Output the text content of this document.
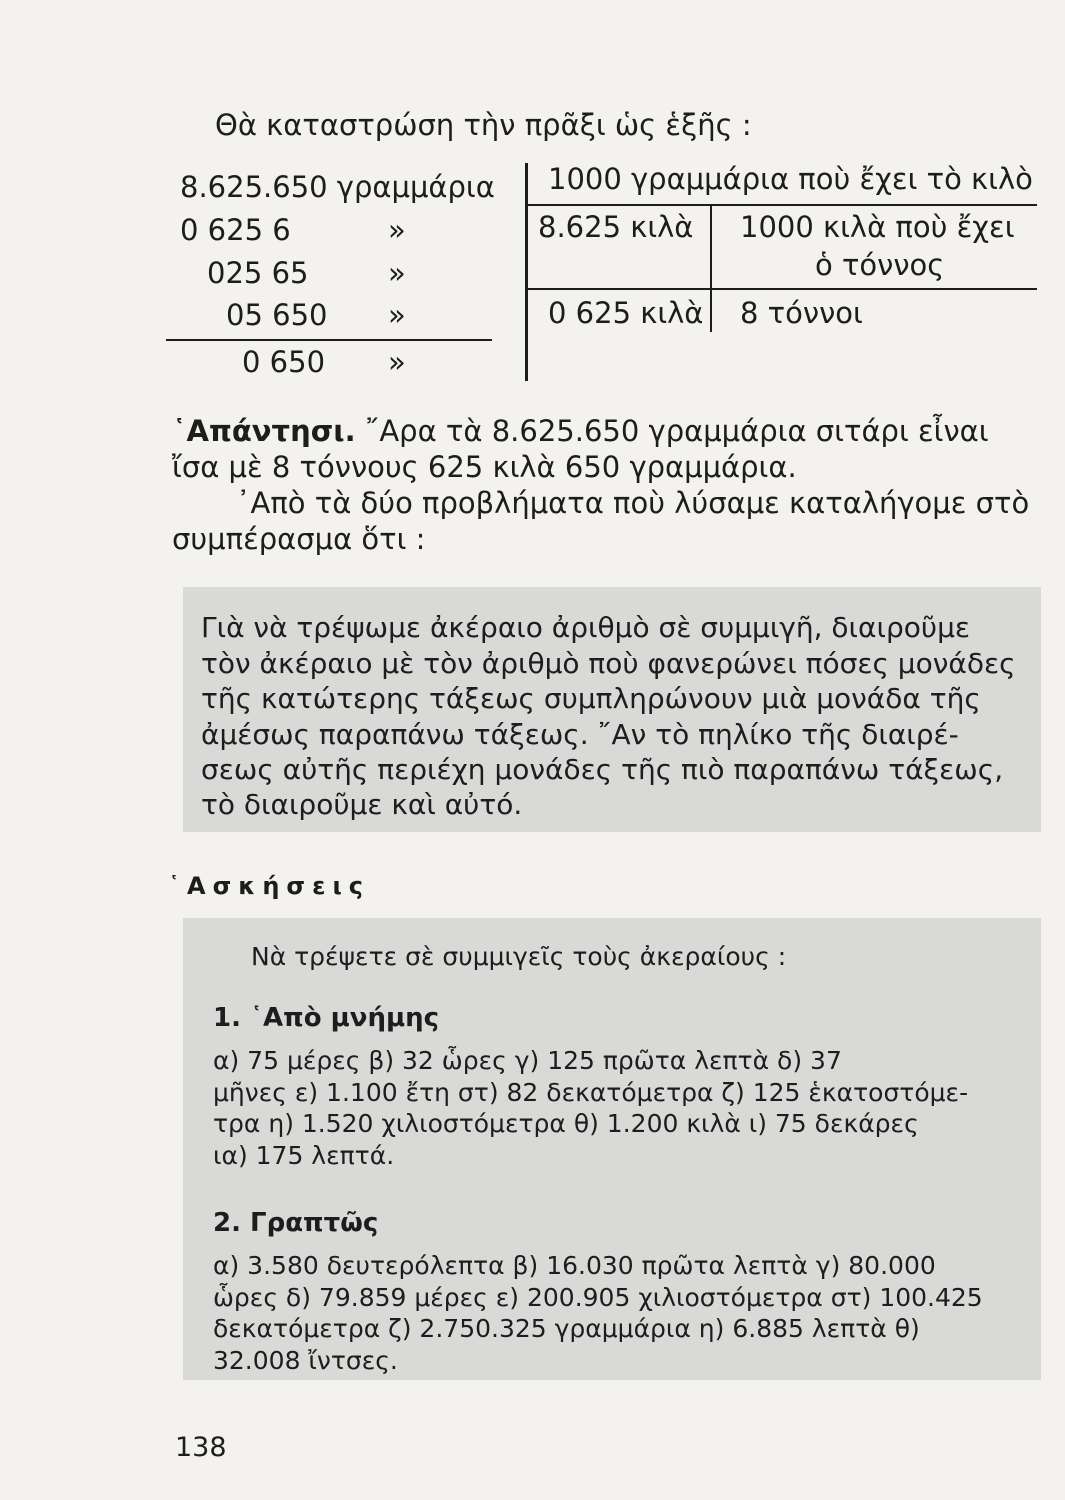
Θὰ καταστρώση τὴν πρᾶξι ὡς ἑξῆς :
8.625.650 γραμμάρια
0 625 6	»
025 65	»
05 650 »
0 650 »
1000 γραμμάρια ποὺ ἔχει τὸ κιλὸ
8.625 κιλὰ 1000 κιλὰ ποὺ ἔχει
ὁ τόννος
0 625 κιλὰ 8 τόννοι
῾Απάντησι. ῎Αρα τὰ 8.625.650 γραμμάρια σιτάρι εἶναι
ἴσα μὲ 8 τόννους 625 κιλὰ 650 γραμμάρια.
᾿Απὸ τὰ δύο προβλήματα ποὺ λύσαμε καταλήγομε στὸ
συμπέρασμα ὅτι :
Γιὰ νὰ τρέψωμε ἀκέραιο ἀριθμὸ σὲ συμμιγῆ, διαιροῦμε
τὸν ἀκέραιο μὲ τὸν ἀριθμὸ ποὺ φανερώνει πόσες μονάδες
τῆς κατώτερης τάξεως συμπληρώνουν μιὰ μονάδα τῆς
ἀμέσως παραπάνω τάξεως. ῎Αν τὸ πηλίκο τῆς διαιρέ-
σεως αὐτῆς περιέχη μονάδες τῆς πιὸ παραπάνω τάξεως,
τὸ διαιροῦμε καὶ αὐτό.
῾Ασκήσεις
Νὰ τρέψετε σὲ συμμιγεῖς τοὺς ἀκεραίους :
1. ῾Απὸ μνήμης
α) 75 μέρες β) 32 ὧρες γ) 125 πρῶτα λεπτὰ δ) 37
μῆνες ε) 1.100 ἔτη στ) 82 δεκατόμετρα ζ) 125 ἑκατοστόμε-
τρα η) 1.520 χιλιοστόμετρα θ) 1.200 κιλὰ ι) 75 δεκάρες
ια) 175 λεπτά.
2. Γραπτῶς
α) 3.580 δευτερόλεπτα β) 16.030 πρῶτα λεπτὰ γ) 80.000
ὧρες δ) 79.859 μέρες ε) 200.905 χιλιοστόμετρα στ) 100.425
δεκατόμετρα ζ) 2.750.325 γραμμάρια η) 6.885 λεπτὰ θ)
32.008 ἴντσες.
138
